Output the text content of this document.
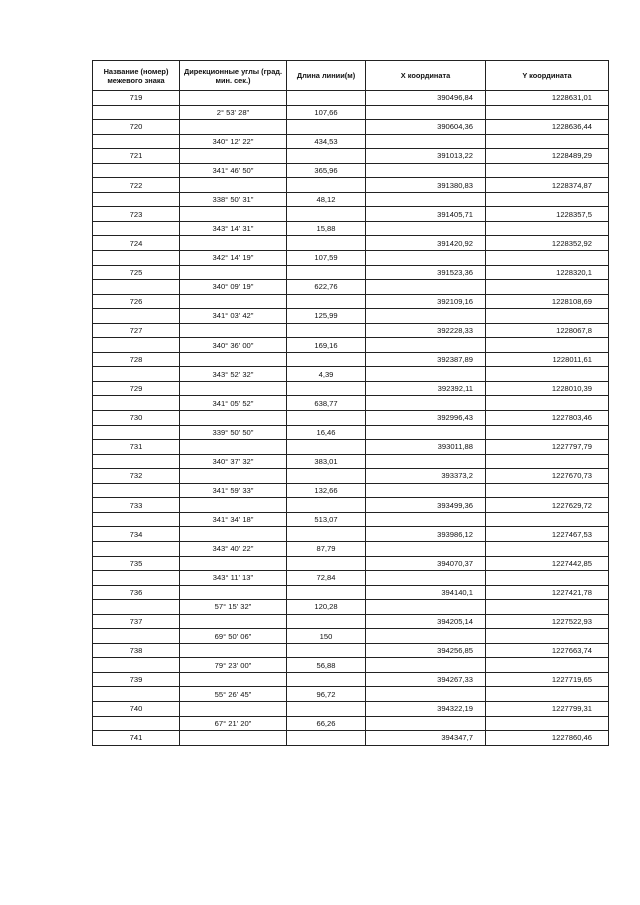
Название (номер) межевого знака	Дирекционные углы (град. мин. сек.)	Длина линии(м)	X координата	Y координата
719			390496,84	1228631,01
	2° 53' 28"	107,66		
720			390604,36	1228636,44
	340° 12' 22"	434,53		
721			391013,22	1228489,29
	341° 46' 50"	365,96		
722			391380,83	1228374,87
	338° 50' 31"	48,12		
723			391405,71	1228357,5
	343° 14' 31"	15,88		
724			391420,92	1228352,92
	342° 14' 19"	107,59		
725			391523,36	1228320,1
	340° 09' 19"	622,76		
726			392109,16	1228108,69
	341° 03' 42"	125,99		
727			392228,33	1228067,8
	340° 36' 00"	169,16		
728			392387,89	1228011,61
	343° 52' 32"	4,39		
729			392392,11	1228010,39
	341° 05' 52"	638,77		
730			392996,43	1227803,46
	339° 50' 50"	16,46		
731			393011,88	1227797,79
	340° 37' 32"	383,01		
732			393373,2	1227670,73
	341° 59' 33"	132,66		
733			393499,36	1227629,72
	341° 34' 18"	513,07		
734			393986,12	1227467,53
	343° 40' 22"	87,79		
735			394070,37	1227442,85
	343° 11' 13"	72,84		
736			394140,1	1227421,78
	57° 15' 32"	120,28		
737			394205,14	1227522,93
	69° 50' 06"	150		
738			394256,85	1227663,74
	79° 23' 00"	56,88		
739			394267,33	1227719,65
	55° 26' 45"	96,72		
740			394322,19	1227799,31
	67° 21' 20"	66,26		
741			394347,7	1227860,46
